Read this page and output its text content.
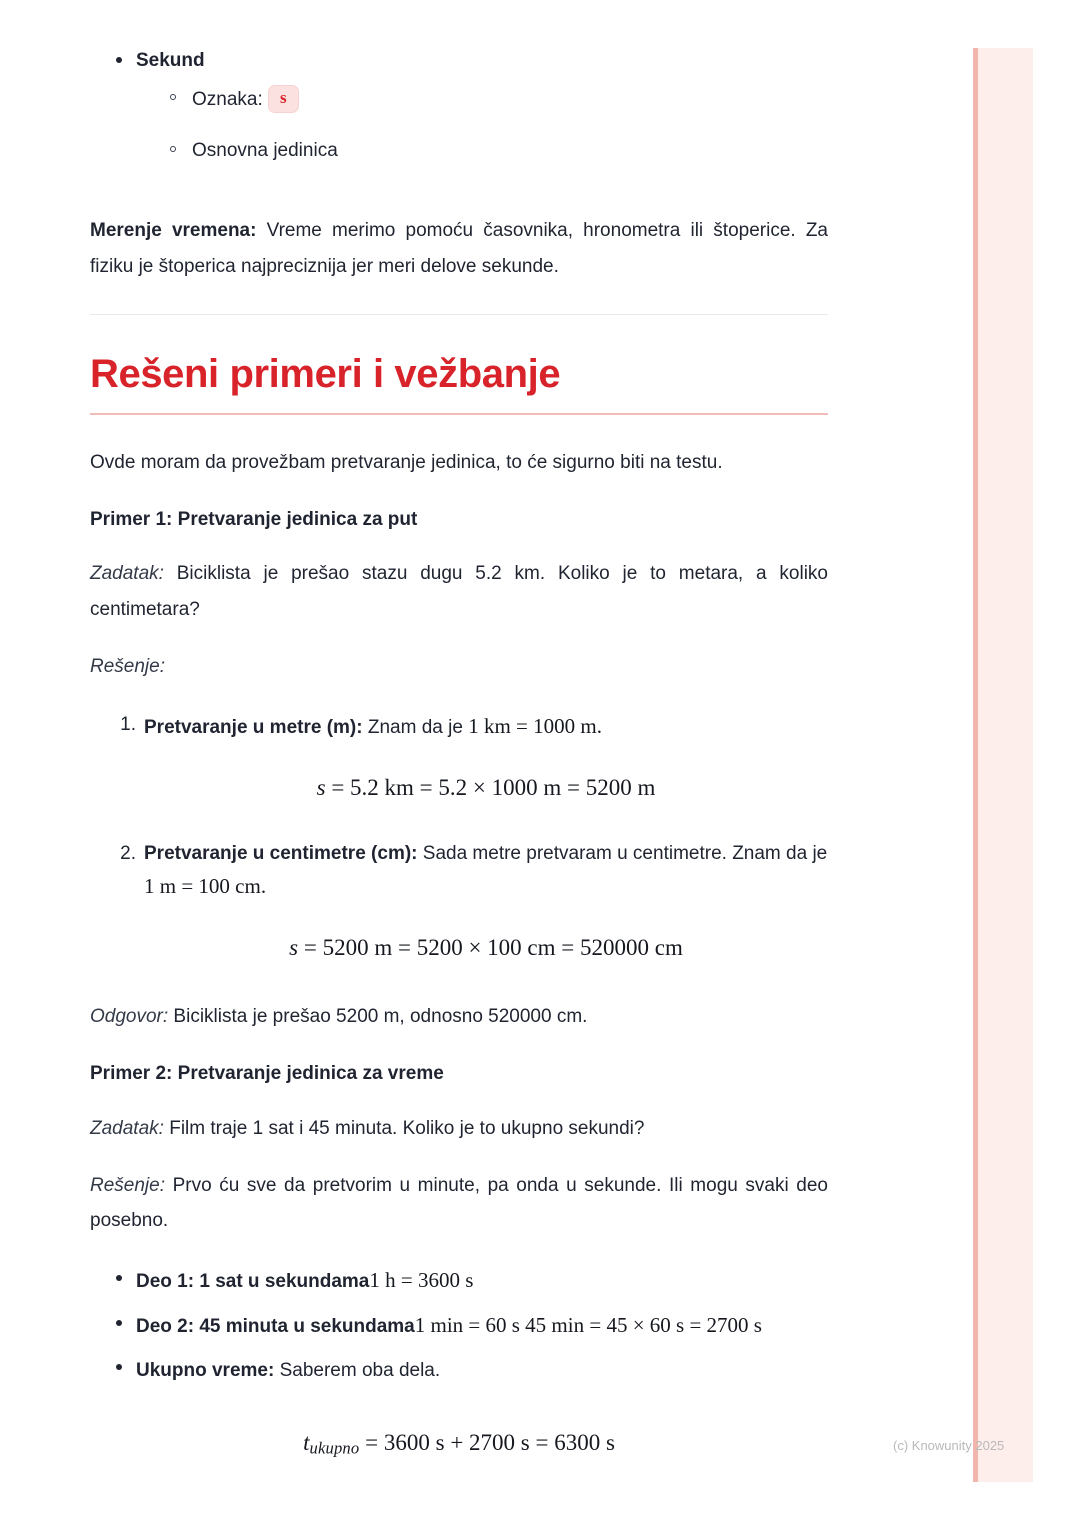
Sekund
Oznaka: s
Osnovna jedinica

Merenje vremena: Vreme merimo pomoću časovnika, hronometra ili štoperice. Za fiziku je štoperica najpreciznija jer meri delove sekunde.

Rešeni primeri i vežbanje

Ovde moram da provežbam pretvaranje jedinica, to će sigurno biti na testu.

Primer 1: Pretvaranje jedinica za put

Zadatak: Biciklista je prešao stazu dugu 5.2 km. Koliko je to metara, a koliko centimetara?

Rešenje:

Pretvaranje u metre (m): Znam da je 1 km = 1000 m.
s = 5.2 km = 5.2 × 1000 m = 5200 m
Pretvaranje u centimetre (cm): Sada metre pretvaram u centimetre. Znam da je 1 m = 100 cm.
s = 5200 m = 5200 × 100 cm = 520000 cm

Odgovor: Biciklista je prešao 5200 m, odnosno 520000 cm.

Primer 2: Pretvaranje jedinica za vreme

Zadatak: Film traje 1 sat i 45 minuta. Koliko je to ukupno sekundi?

Rešenje: Prvo ću sve da pretvorim u minute, pa onda u sekunde. Ili mogu svaki deo posebno.

Deo 1: 1 sat u sekundama1 h = 3600 s
Deo 2: 45 minuta u sekundama1 min = 60 s 45 min = 45 × 60 s = 2700 s
Ukupno vreme: Saberem oba dela.
tukupno = 3600 s + 2700 s = 6300 s	(c) Knowunity 2025
